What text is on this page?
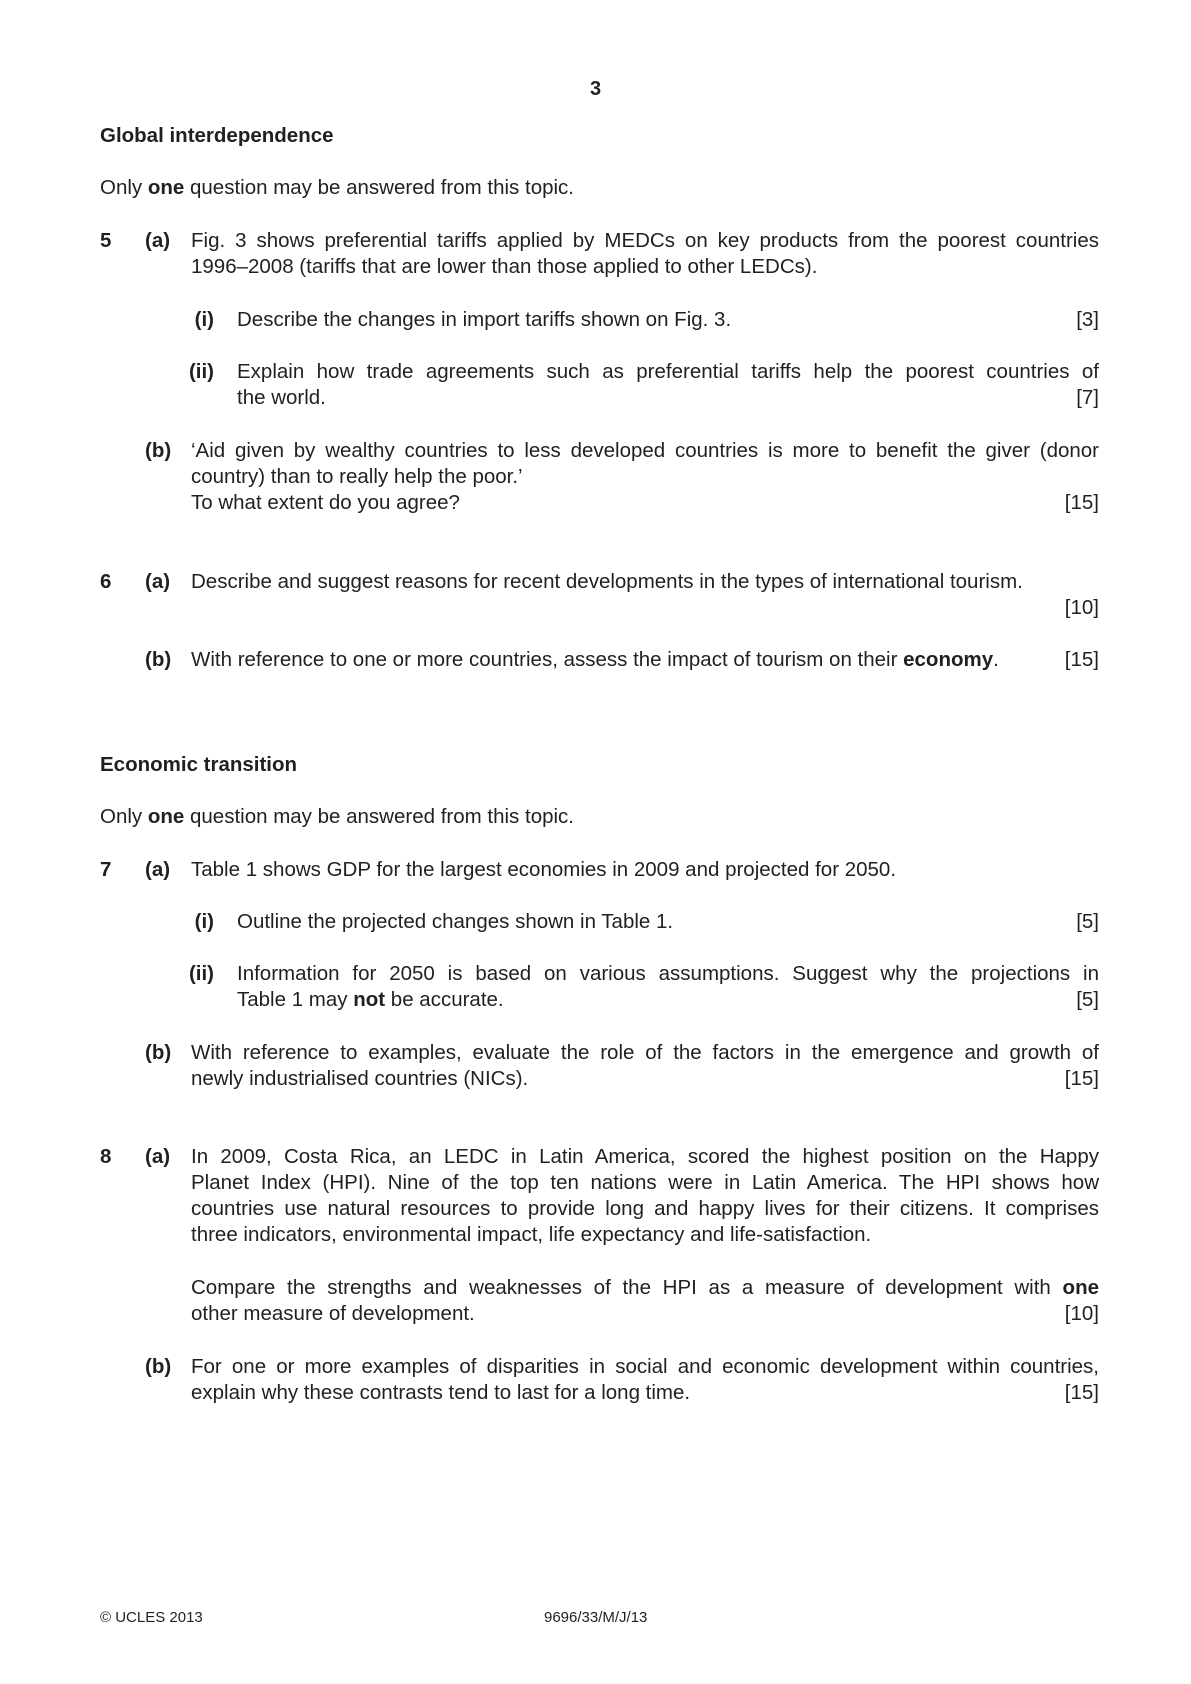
3
Global interdependence
Only one question may be answered from this topic.
5	(a) Fig. 3 shows preferential tariffs applied by MEDCs on key products from the poorest countries
1996–2008 (tariffs that are lower than those applied to other LEDCs).
(i) Describe the changes in import tariffs shown on Fig. 3.	[3]
(ii) Explain how trade agreements such as preferential tariffs help the poorest countries of
the world.	[7]
(b) ‘Aid given by wealthy countries to less developed countries is more to benefit the giver (donor
country) than to really help the poor.’
To what extent do you agree?	[15]
6	(a) Describe and suggest reasons for recent developments in the types of international tourism.
[10]
(b) With reference to one or more countries, assess the impact of tourism on their economy.	[15]
Economic transition
Only one question may be answered from this topic.
7	(a) Table 1 shows GDP for the largest economies in 2009 and projected for 2050.
(i) Outline the projected changes shown in Table 1.	[5]
(ii) Information for 2050 is based on various assumptions. Suggest why the projections in
Table 1 may not be accurate.	[5]
(b) With reference to examples, evaluate the role of the factors in the emergence and growth of
newly industrialised countries (NICs).	[15]
8	(a) In 2009, Costa Rica, an LEDC in Latin America, scored the highest position on the Happy
Planet Index (HPI). Nine of the top ten nations were in Latin America. The HPI shows how
countries use natural resources to provide long and happy lives for their citizens. It comprises
three indicators, environmental impact, life expectancy and life-satisfaction.
Compare the strengths and weaknesses of the HPI as a measure of development with one
other measure of development.	[10]
(b) For one or more examples of disparities in social and economic development within countries,
explain why these contrasts tend to last for a long time.	[15]
© UCLES 2013	9696/33/M/J/13
